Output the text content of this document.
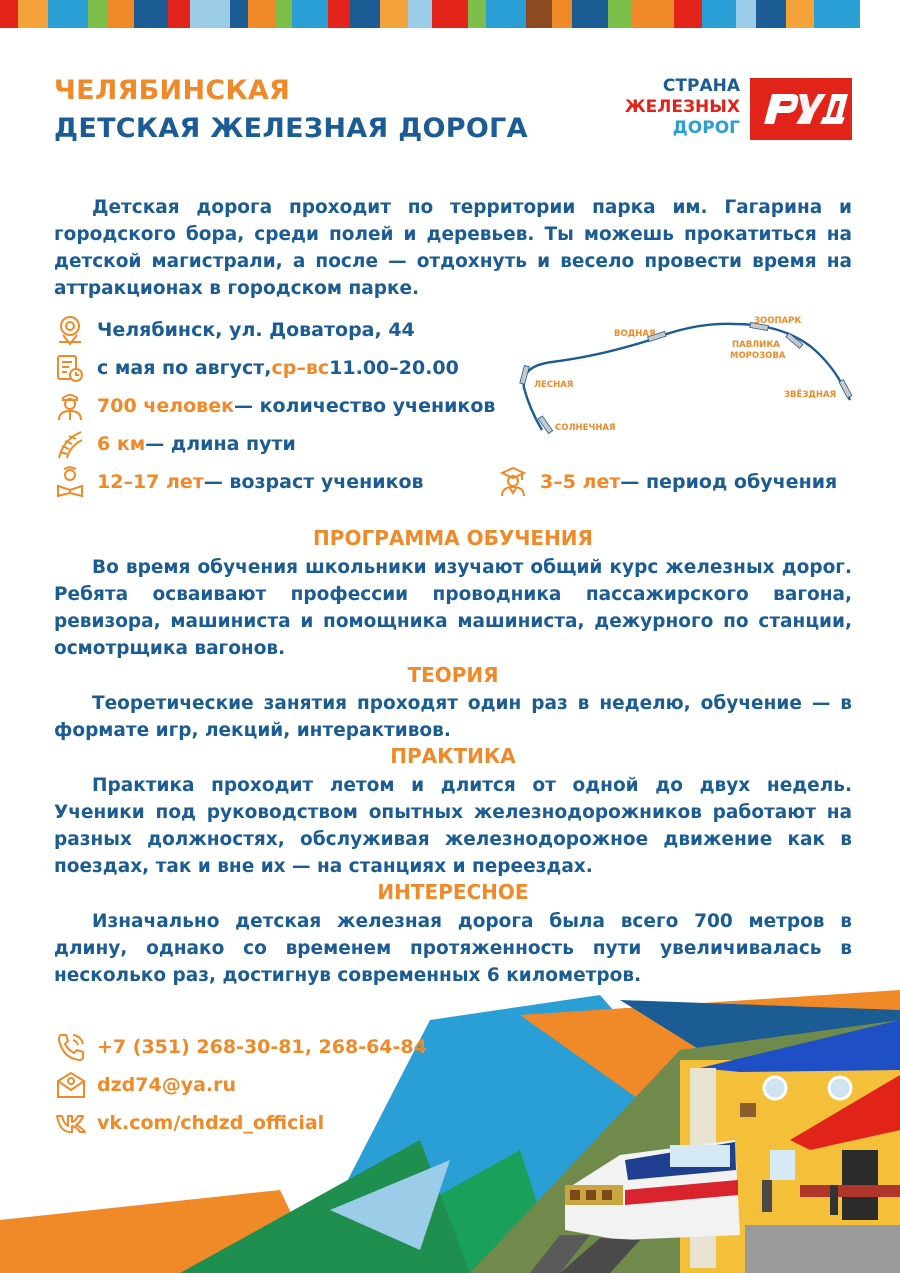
ЧЕЛЯБИНСКАЯ
ДЕТСКАЯ ЖЕЛЕЗНАЯ ДОРОГА
СТРАНА
ЖЕЛЕЗНЫХ
ДОРОГ
Детская дорога проходит по территории парка им. Гагарина и городского бора, среди полей и деревьев. Ты можешь прокатиться на детской магистрали, а после — отдохнуть и весело провести время на аттракционах в городском парке.
Челябинск, ул. Доватора, 44
с мая по август, ср–вс 11.00–20.00
700 человек — количество учеников
6 км — длина пути
12–17 лет — возраст учеников	3–5 лет — период обучения
ВОДНАЯ
ЗООПАРК
ПАВЛИКА
МОРОЗОВА
ЛЕСНАЯ
ЗВЁЗДНАЯ
СОЛНЕЧНАЯ
ПРОГРАММА ОБУЧЕНИЯ
Во время обучения школьники изучают общий курс железных дорог. Ребята осваивают профессии проводника пассажирского вагона, ревизора, машиниста и помощника машиниста, дежурного по станции, осмотрщика вагонов.
ТЕОРИЯ
Теоретические занятия проходят один раз в неделю, обучение — в формате игр, лекций, интерактивов.
ПРАКТИКА
Практика проходит летом и длится от одной до двух недель. Ученики под руководством опытных железнодорожников работают на разных должностях, обслуживая железнодорожное движение как в поездах, так и вне их — на станциях и переездах.
ИНТЕРЕСНОЕ
Изначально детская железная дорога была всего 700 метров в длину, однако со временем протяженность пути увеличивалась в несколько раз, достигнув современных 6 километров.
+7 (351) 268-30-81, 268-64-84
dzd74@ya.ru
vk.com/chdzd_official
